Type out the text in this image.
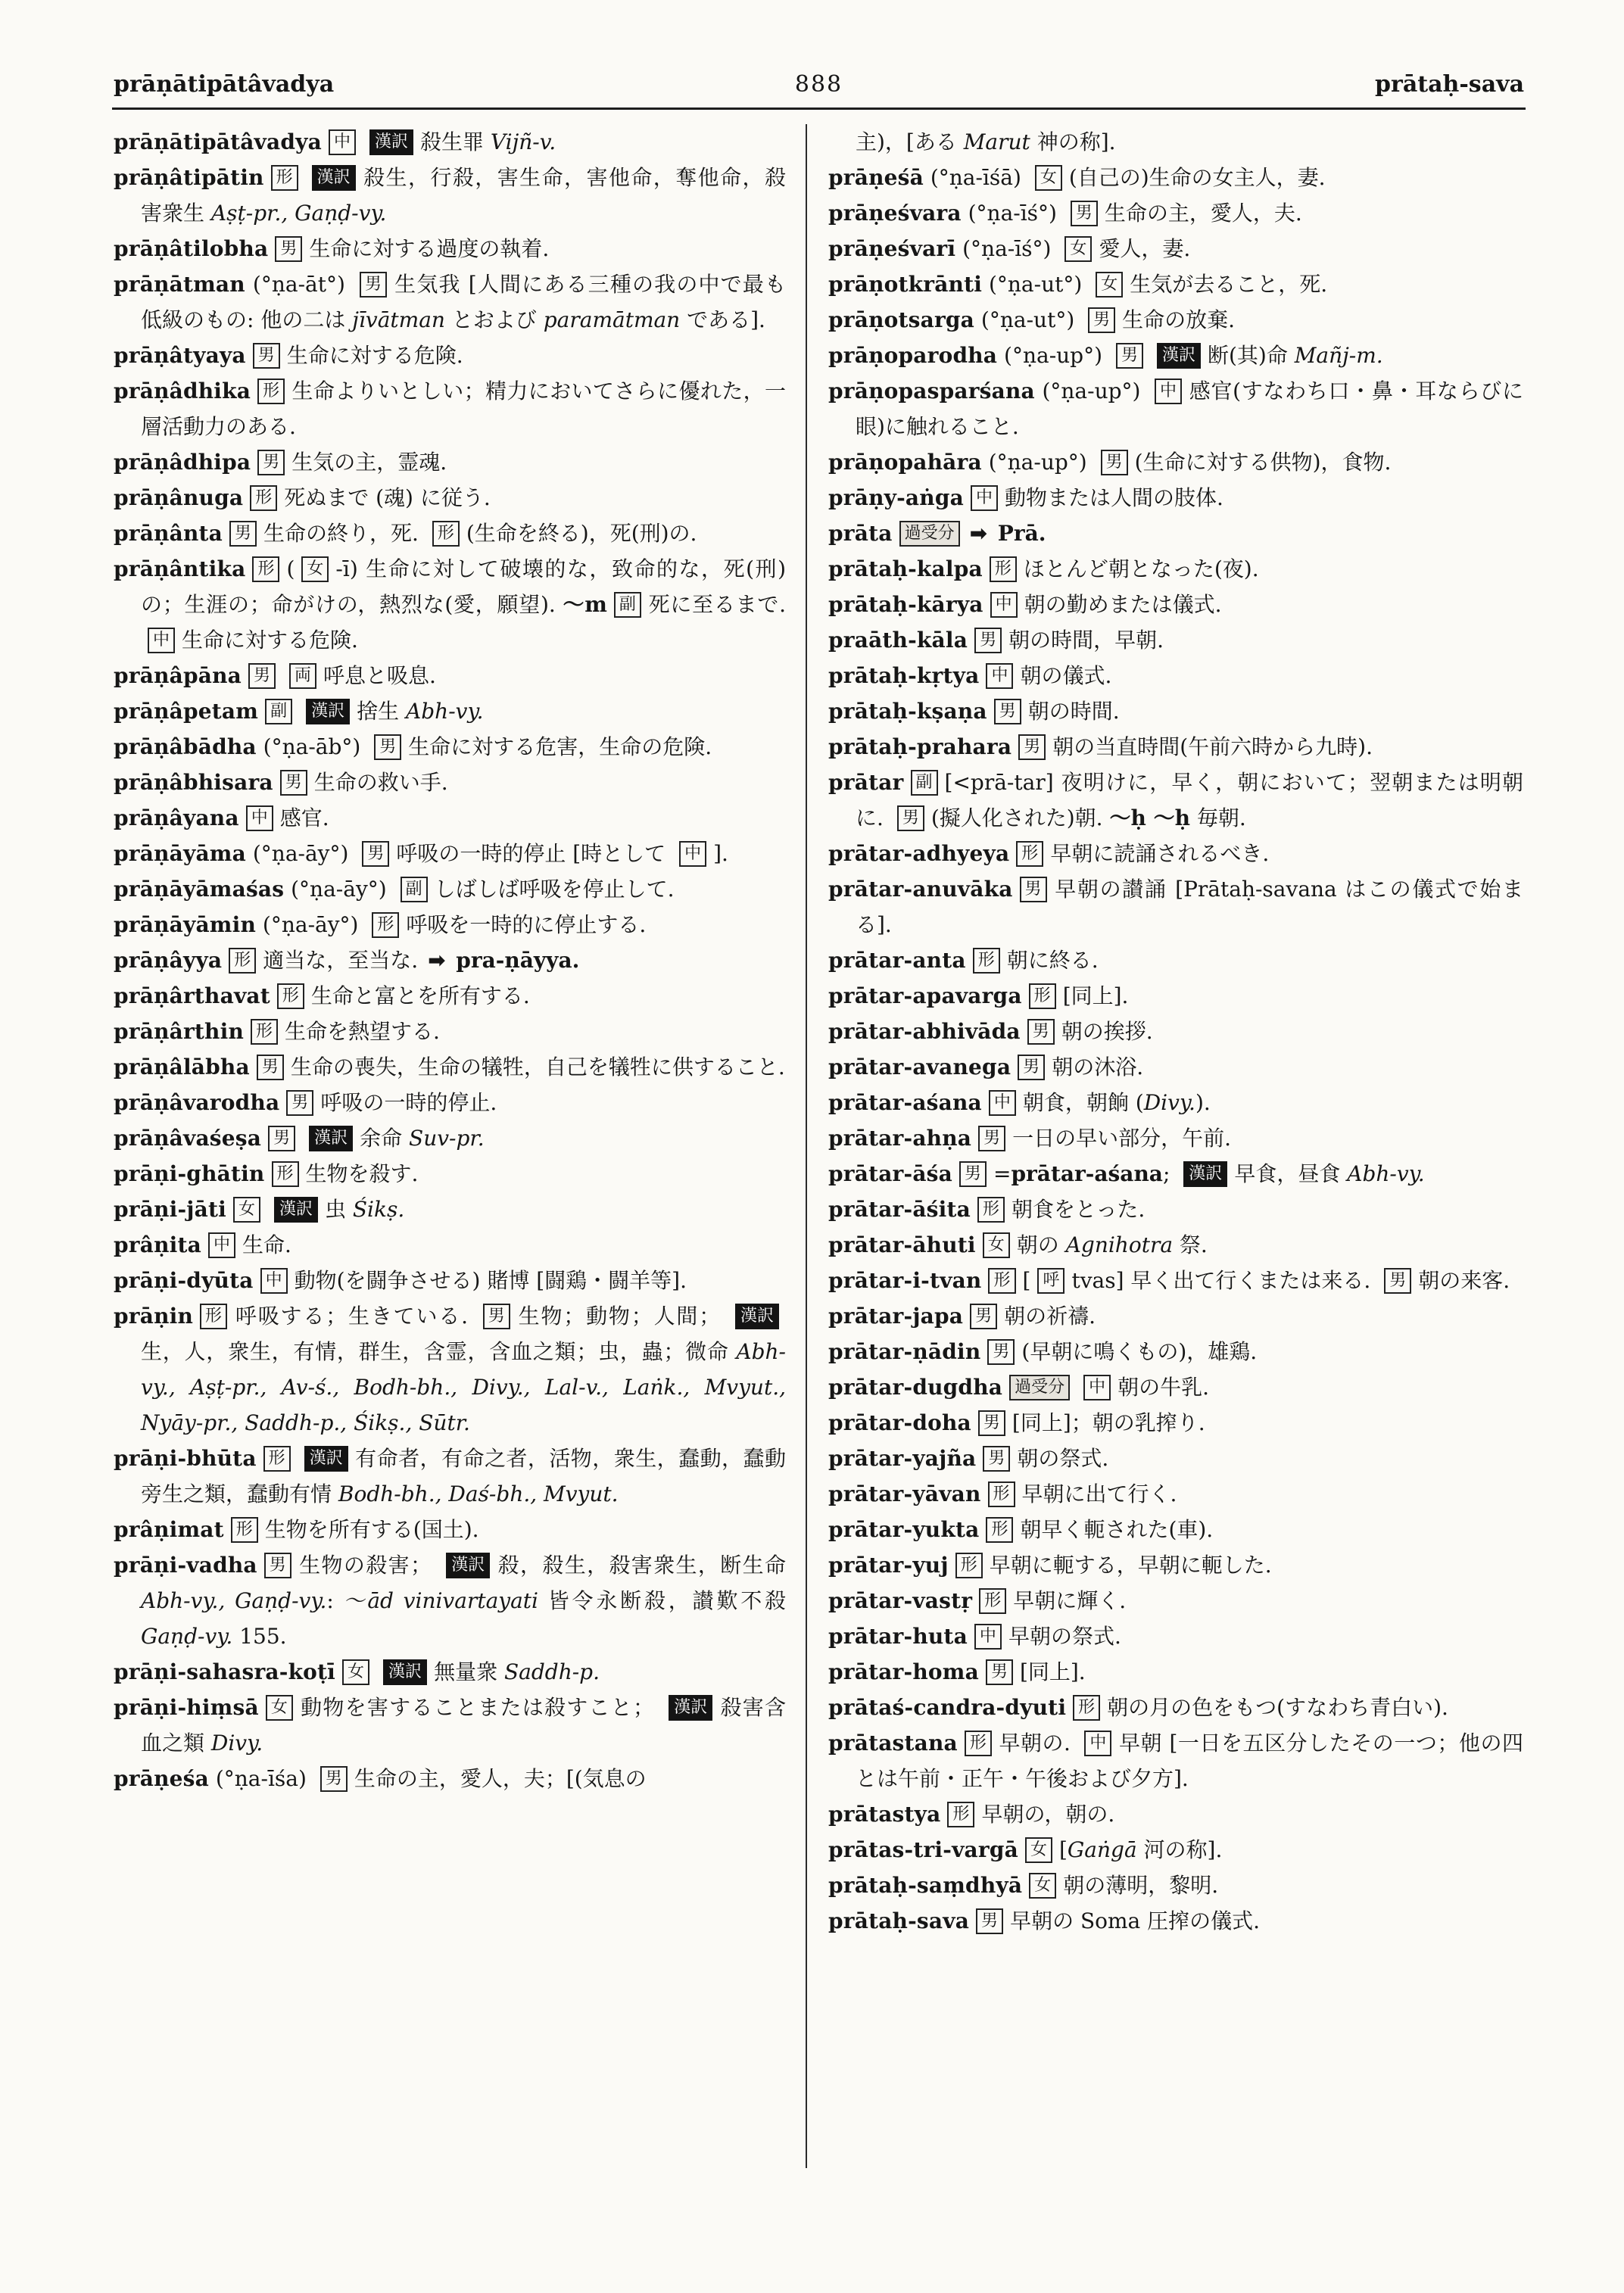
prāṇātipātâvadya	888	prātaḥ-sava

prāṇātipātâvadya 中 漢訳 殺生罪 Vijñ-v.

prāṇâtipātin 形 漢訳 殺生，行殺，害生命，害他命，奪他命，殺害衆生 Aṣṭ-pr., Gaṇḍ-vy.

prāṇâtilobha 男 生命に対する過度の執着.

prāṇātman (°ṇa-āt°) 男 生気我 [人間にある三種の我の中で最も低級のもの: 他の二は jīvātman とおよび paramātman である].

prāṇâtyaya 男 生命に対する危険.

prāṇâdhika 形 生命よりいとしい；精力においてさらに優れた，一層活動力のある.

prāṇâdhipa 男 生気の主，霊魂.

prāṇânuga 形 死ぬまで (魂) に従う.

prāṇânta 男 生命の終り，死. 形 (生命を終る)，死(刑)の.

prāṇântika 形 ( 女 -ī) 生命に対して破壊的な，致命的な，死(刑)の；生涯の；命がけの，熱烈な(愛，願望). ～m 副 死に至るまで. 中 生命に対する危険.

prāṇâpāna 男 両 呼息と吸息.

prāṇâpetam 副 漢訳 捨生 Abh-vy.

prāṇâbādha (°ṇa-āb°) 男 生命に対する危害，生命の危険.

prāṇâbhisara 男 生命の救い手.

prāṇâyana 中 感官.

prāṇāyāma (°ṇa-āy°) 男 呼吸の一時的停止 [時として 中 ].

prāṇāyāmaśas (°ṇa-āy°) 副 しばしば呼吸を停止して.

prāṇāyāmin (°ṇa-āy°) 形 呼吸を一時的に停止する.

prāṇâyya 形 適当な，至当な. ➡ pra-ṇāyya.

prāṇârthavat 形 生命と富とを所有する.

prāṇârthin 形 生命を熱望する.

prāṇâlābha 男 生命の喪失，生命の犠牲，自己を犠牲に供すること.

prāṇâvarodha 男 呼吸の一時的停止.

prāṇâvaśeṣa 男 漢訳 余命 Suv-pr.

prāṇi-ghātin 形 生物を殺す.

prāṇi-jāti 女 漢訳 虫 Śikṣ.

prâṇita 中 生命.

prāṇi-dyūta 中 動物(を闘争させる) 賭博 [闘鶏・闘羊等].

prāṇin 形 呼吸する；生きている. 男 生物；動物；人間； 漢訳生，人，衆生，有情，群生，含霊，含血之類；虫，蟲；微命 Abh-vy., Aṣṭ-pr., Av-ś., Bodh-bh., Divy., Lal-v., Laṅk., Mvyut., Nyāy-pr., Saddh-p., Śikṣ., Sūtr.

prāṇi-bhūta 形 漢訳 有命者，有命之者，活物，衆生，蠢動，蠢動旁生之類，蠢動有情 Bodh-bh., Daś-bh., Mvyut.

prâṇimat 形 生物を所有する(国土).

prāṇi-vadha 男 生物の殺害； 漢訳 殺，殺生，殺害衆生，断生命 Abh-vy., Gaṇḍ-vy.: ～ād vinivartayati 皆令永断殺，讃歎不殺 Gaṇḍ-vy. 155.

prāṇi-sahasra-koṭī 女 漢訳 無量衆 Saddh-p.

prāṇi-hiṃsā 女 動物を害することまたは殺すこと； 漢訳 殺害含血之類 Divy.

prāṇeśa (°ṇa-īśa) 男 生命の主，愛人，夫；[(気息の

主)，[ある Marut 神の称].

prāṇeśā (°ṇa-īśā) 女 (自己の)生命の女主人，妻.

prāṇeśvara (°ṇa-īś°) 男 生命の主，愛人，夫.

prāṇeśvarī (°ṇa-īś°) 女 愛人，妻.

prāṇotkrānti (°ṇa-ut°) 女 生気が去ること，死.

prāṇotsarga (°ṇa-ut°) 男 生命の放棄.

prāṇoparodha (°ṇa-up°) 男 漢訳 断(其)命 Mañj-m.

prāṇopasparśana (°ṇa-up°) 中 感官(すなわち口・鼻・耳ならびに眼)に触れること.

prāṇopahāra (°ṇa-up°) 男 (生命に対する供物)，食物.

prāṇy-aṅga 中 動物または人間の肢体.

prāta 過受分 ➡ Prā.

prātaḥ-kalpa 形 ほとんど朝となった(夜).

prātaḥ-kārya 中 朝の勤めまたは儀式.

praāth-kāla 男 朝の時間，早朝.

prātaḥ-kṛtya 中 朝の儀式.

prātaḥ-kṣaṇa 男 朝の時間.

prātaḥ-prahara 男 朝の当直時間(午前六時から九時).

prātar 副 [<prā-tar] 夜明けに，早く，朝において；翌朝または明朝に. 男 (擬人化された)朝. ～ḥ ～ḥ 毎朝.

prātar-adhyeya 形 早朝に読誦されるべき.

prātar-anuvāka 男 早朝の讃誦 [Prātaḥ-savana はこの儀式で始まる].

prātar-anta 形 朝に終る.

prātar-apavarga 形 [同上].

prātar-abhivāda 男 朝の挨拶.

prātar-avanega 男 朝の沐浴.

prātar-aśana 中 朝食，朝餉 (Divy.).

prātar-ahṇa 男 一日の早い部分，午前.

prātar-āśa 男 =prātar-aśana; 漢訳 早食，昼食 Abh-vy.

prātar-āśita 形 朝食をとった.

prātar-āhuti 女 朝の Agnihotra 祭.

prātar-i-tvan 形 [ 呼 tvas] 早く出て行くまたは来る. 男 朝の来客.

prātar-japa 男 朝の祈禱.

prātar-ṇādin 男 (早朝に鳴くもの)，雄鶏.

prātar-dugdha 過受分 中 朝の牛乳.

prātar-doha 男 [同上]；朝の乳搾り.

prātar-yajña 男 朝の祭式.

prātar-yāvan 形 早朝に出て行く.

prātar-yukta 形 朝早く軛された(車).

prātar-yuj 形 早朝に軛する，早朝に軛した.

prātar-vastṛ 形 早朝に輝く.

prātar-huta 中 早朝の祭式.

prātar-homa 男 [同上].

prātaś-candra-dyuti 形 朝の月の色をもつ(すなわち青白い).

prātastana 形 早朝の. 中 早朝 [一日を五区分したその一つ；他の四とは午前・正午・午後および夕方].

prātastya 形 早朝の，朝の.

prātas-tri-vargā 女 [Gaṅgā 河の称].

prātaḥ-saṃdhyā 女 朝の薄明，黎明.

prātaḥ-sava 男 早朝の Soma 圧搾の儀式.
